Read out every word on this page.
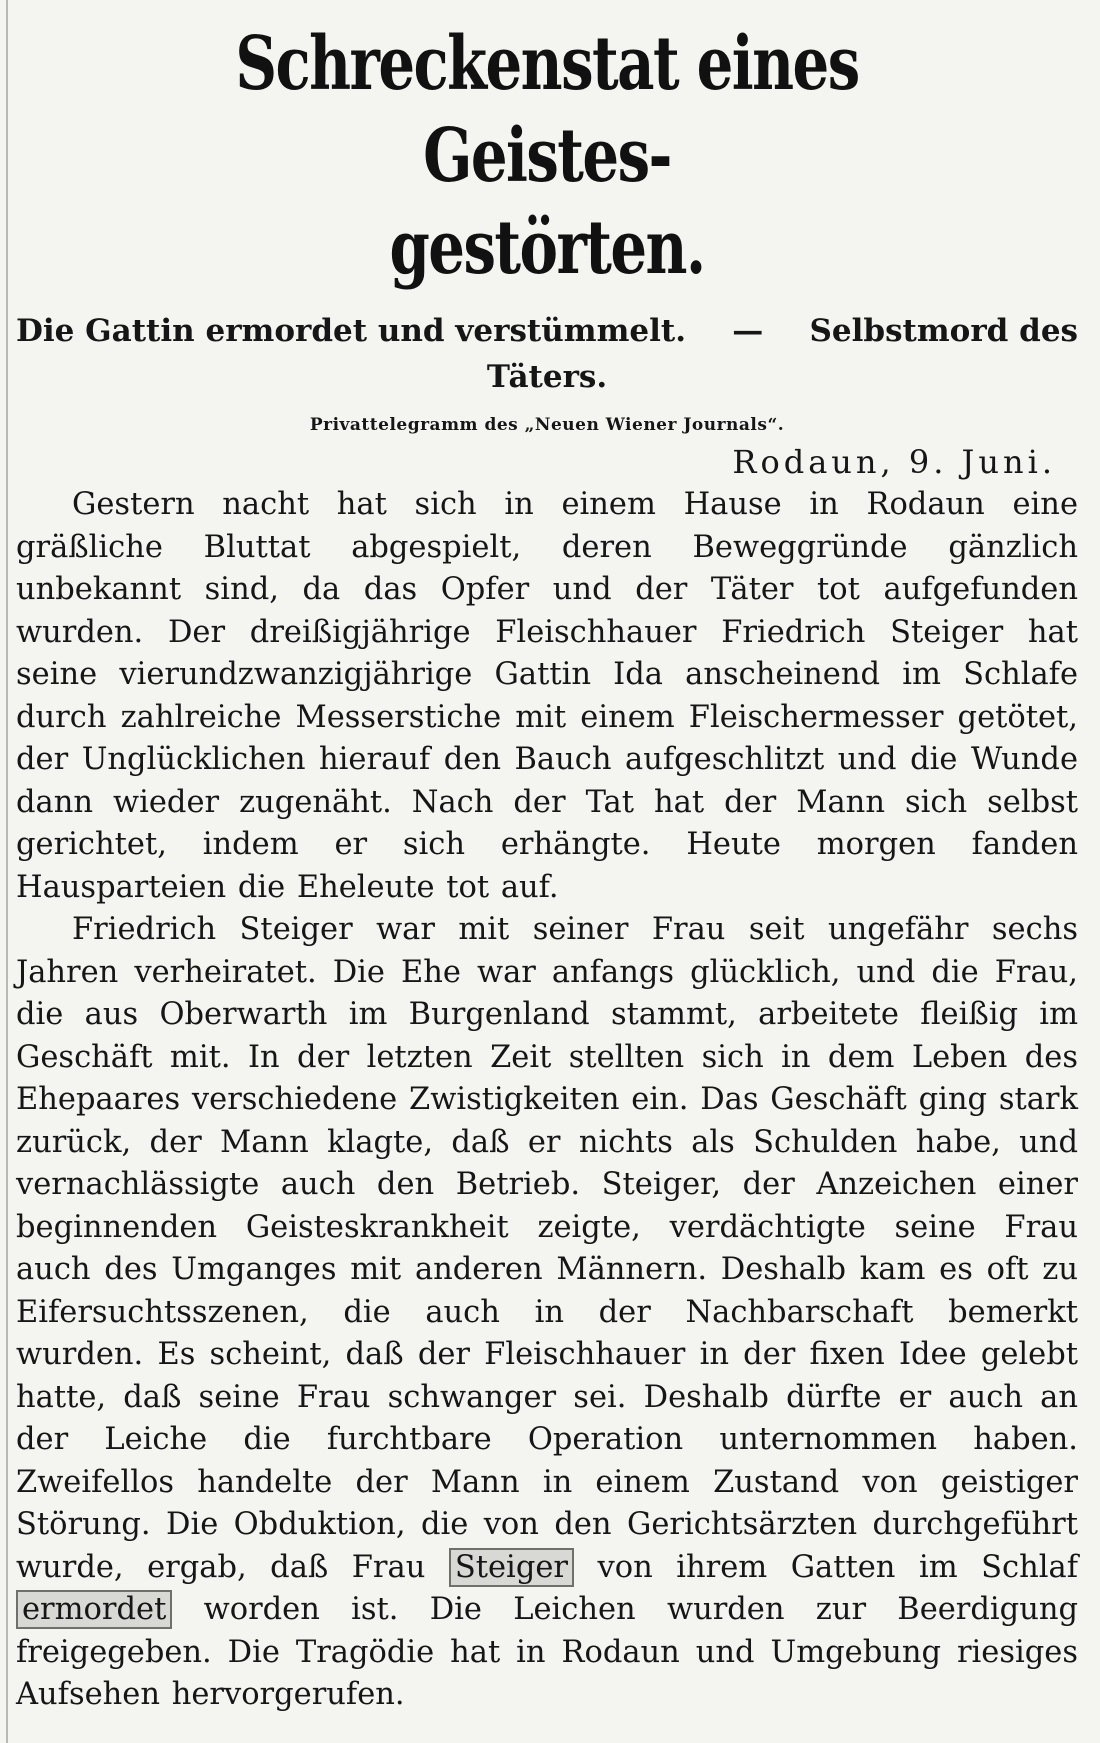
Schreckenstat eines Geistes-
gestörten.
Die Gattin ermordet und verstümmelt. — Selbstmord des
Täters.
Privattelegramm des „Neuen Wiener Journals“.
Rodaun, 9. Juni.

Gestern nacht hat sich in einem Hause in Rodaun eine gräßliche Bluttat abgespielt, deren Beweggründe gänzlich unbekannt sind, da das Opfer und der Täter tot aufgefunden wurden. Der dreißigjährige Fleischhauer Friedrich Steiger hat seine vierundzwanzigjährige Gattin Ida anscheinend im Schlafe durch zahlreiche Messerstiche mit einem Fleischermesser getötet, der Unglücklichen hierauf den Bauch aufgeschlitzt und die Wunde dann wieder zugenäht. Nach der Tat hat der Mann sich selbst gerichtet, indem er sich erhängte. Heute morgen fanden Hausparteien die Eheleute tot auf.

Friedrich Steiger war mit seiner Frau seit ungefähr sechs Jahren verheiratet. Die Ehe war anfangs glücklich, und die Frau, die aus Oberwarth im Burgenland stammt, arbeitete fleißig im Geschäft mit. In der letzten Zeit stellten sich in dem Leben des Ehepaares verschiedene Zwistigkeiten ein. Das Geschäft ging stark zurück, der Mann klagte, daß er nichts als Schulden habe, und vernachlässigte auch den Betrieb. Steiger, der Anzeichen einer beginnenden Geisteskrankheit zeigte, verdächtigte seine Frau auch des Umganges mit anderen Männern. Deshalb kam es oft zu Eifersuchtsszenen, die auch in der Nachbarschaft bemerkt wurden. Es scheint, daß der Fleischhauer in der fixen Idee gelebt hatte, daß seine Frau schwanger sei. Deshalb dürfte er auch an der Leiche die furchtbare Operation unternommen haben. Zweifellos handelte der Mann in einem Zustand von geistiger Störung. Die Obduktion, die von den Gerichtsärzten durchgeführt wurde, ergab, daß Frau Steiger von ihrem Gatten im Schlaf ermordet worden ist. Die Leichen wurden zur Beerdigung freigegeben. Die Tragödie hat in Rodaun und Umgebung riesiges Aufsehen hervorgerufen.
